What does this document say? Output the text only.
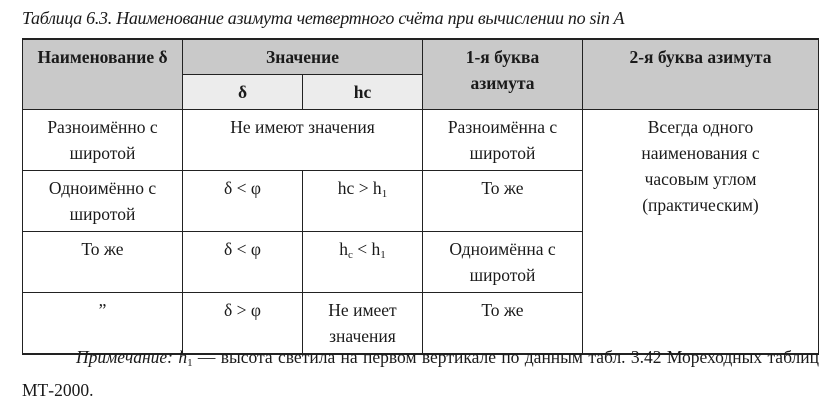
Таблица 6.3. Наименование азимута четвертного счёта при вычислении по sin A
Наименование δ	Значение		1-я буква азимута	2-я буква азимута
	δ	hc		
Разноимённо с широтой	Не имеют значения		Разноимённа с широтой	Всегда одного наименования с часовым углом (практическим)
Одноимённо с широтой	δ < φ	hc > $h_1$	То же	
То же	δ < φ	$h_c < h_1$	Одноимённа с широтой	
”	δ > φ	Не имеет значения	То же	
Примечание: $h_1$ — высота светила на первом вертикале по данным табл. 3.42 Мореходных таблиц МТ-2000.
